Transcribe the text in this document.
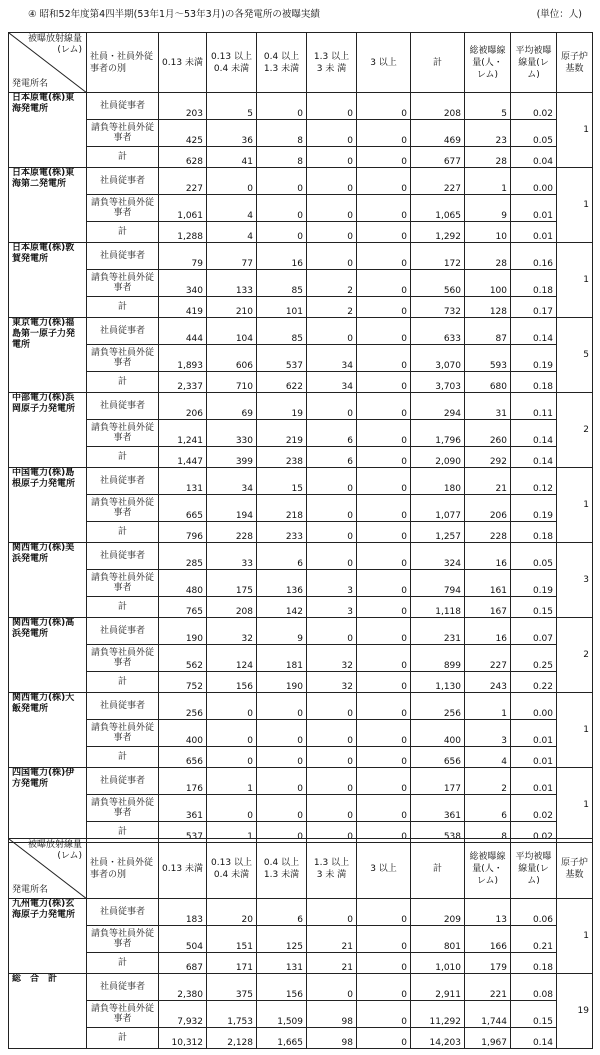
④ 昭和52年度第4四半期(53年1月～53年3月)の各発電所の被曝実績	(単位：人)
被曝放射線量(レム)
発電所名	社員・社員外従事者の別	0.13 未満	0.13 以上 0.4 未満	0.4 以上 1.3 未満	1.3 以上 3 未 満	3 以上	計	総被曝線量(人・レム)	平均被曝線量(レム)	原子炉基数
日本原電(株)東海発電所	社員従事者	203	5	0	0	0	208	5	0.02	1
	請負等社員外従事者	425	36	8	0	0	469	23	0.05	
	計	628	41	8	0	0	677	28	0.04	
日本原電(株)東海第二発電所	社員従事者	227	0	0	0	0	227	1	0.00	1
	請負等社員外従事者	1,061	4	0	0	0	1,065	9	0.01	
	計	1,288	4	0	0	0	1,292	10	0.01	
日本原電(株)敦賀発電所	社員従事者	79	77	16	0	0	172	28	0.16	1
	請負等社員外従事者	340	133	85	2	0	560	100	0.18	
	計	419	210	101	2	0	732	128	0.17	
東京電力(株)福島第一原子力発電所	社員従事者	444	104	85	0	0	633	87	0.14	5
	請負等社員外従事者	1,893	606	537	34	0	3,070	593	0.19	
	計	2,337	710	622	34	0	3,703	680	0.18	
中部電力(株)浜岡原子力発電所	社員従事者	206	69	19	0	0	294	31	0.11	2
	請負等社員外従事者	1,241	330	219	6	0	1,796	260	0.14	
	計	1,447	399	238	6	0	2,090	292	0.14	
中国電力(株)島根原子力発電所	社員従事者	131	34	15	0	0	180	21	0.12	1
	請負等社員外従事者	665	194	218	0	0	1,077	206	0.19	
	計	796	228	233	0	0	1,257	228	0.18	
関西電力(株)美浜発電所	社員従事者	285	33	6	0	0	324	16	0.05	3
	請負等社員外従事者	480	175	136	3	0	794	161	0.19	
	計	765	208	142	3	0	1,118	167	0.15	
関西電力(株)高浜発電所	社員従事者	190	32	9	0	0	231	16	0.07	2
	請負等社員外従事者	562	124	181	32	0	899	227	0.25	
	計	752	156	190	32	0	1,130	243	0.22	
関西電力(株)大飯発電所	社員従事者	256	0	0	0	0	256	1	0.00	1
	請負等社員外従事者	400	0	0	0	0	400	3	0.01	
	計	656	0	0	0	0	656	4	0.01	
四国電力(株)伊方発電所	社員従事者	176	1	0	0	0	177	2	0.01	1
	請負等社員外従事者	361	0	0	0	0	361	6	0.02	
	計	537	1	0	0	0	538	8	0.02	
被曝放射線量(レム)
発電所名	社員・社員外従事者の別	0.13 未満	0.13 以上 0.4 未満	0.4 以上 1.3 未満	1.3 以上 3 未 満	3 以上	計	総被曝線量(人・レム)	平均被曝線量(レム)	原子炉基数
九州電力(株)玄海原子力発電所	社員従事者	183	20	6	0	0	209	13	0.06	1
	請負等社員外従事者	504	151	125	21	0	801	166	0.21	
	計	687	171	131	21	0	1,010	179	0.18	
総　合　計	社員従事者	2,380	375	156	0	0	2,911	221	0.08	19
	請負等社員外従事者	7,932	1,753	1,509	98	0	11,292	1,744	0.15	
	計	10,312	2,128	1,665	98	0	14,203	1,967	0.14	
